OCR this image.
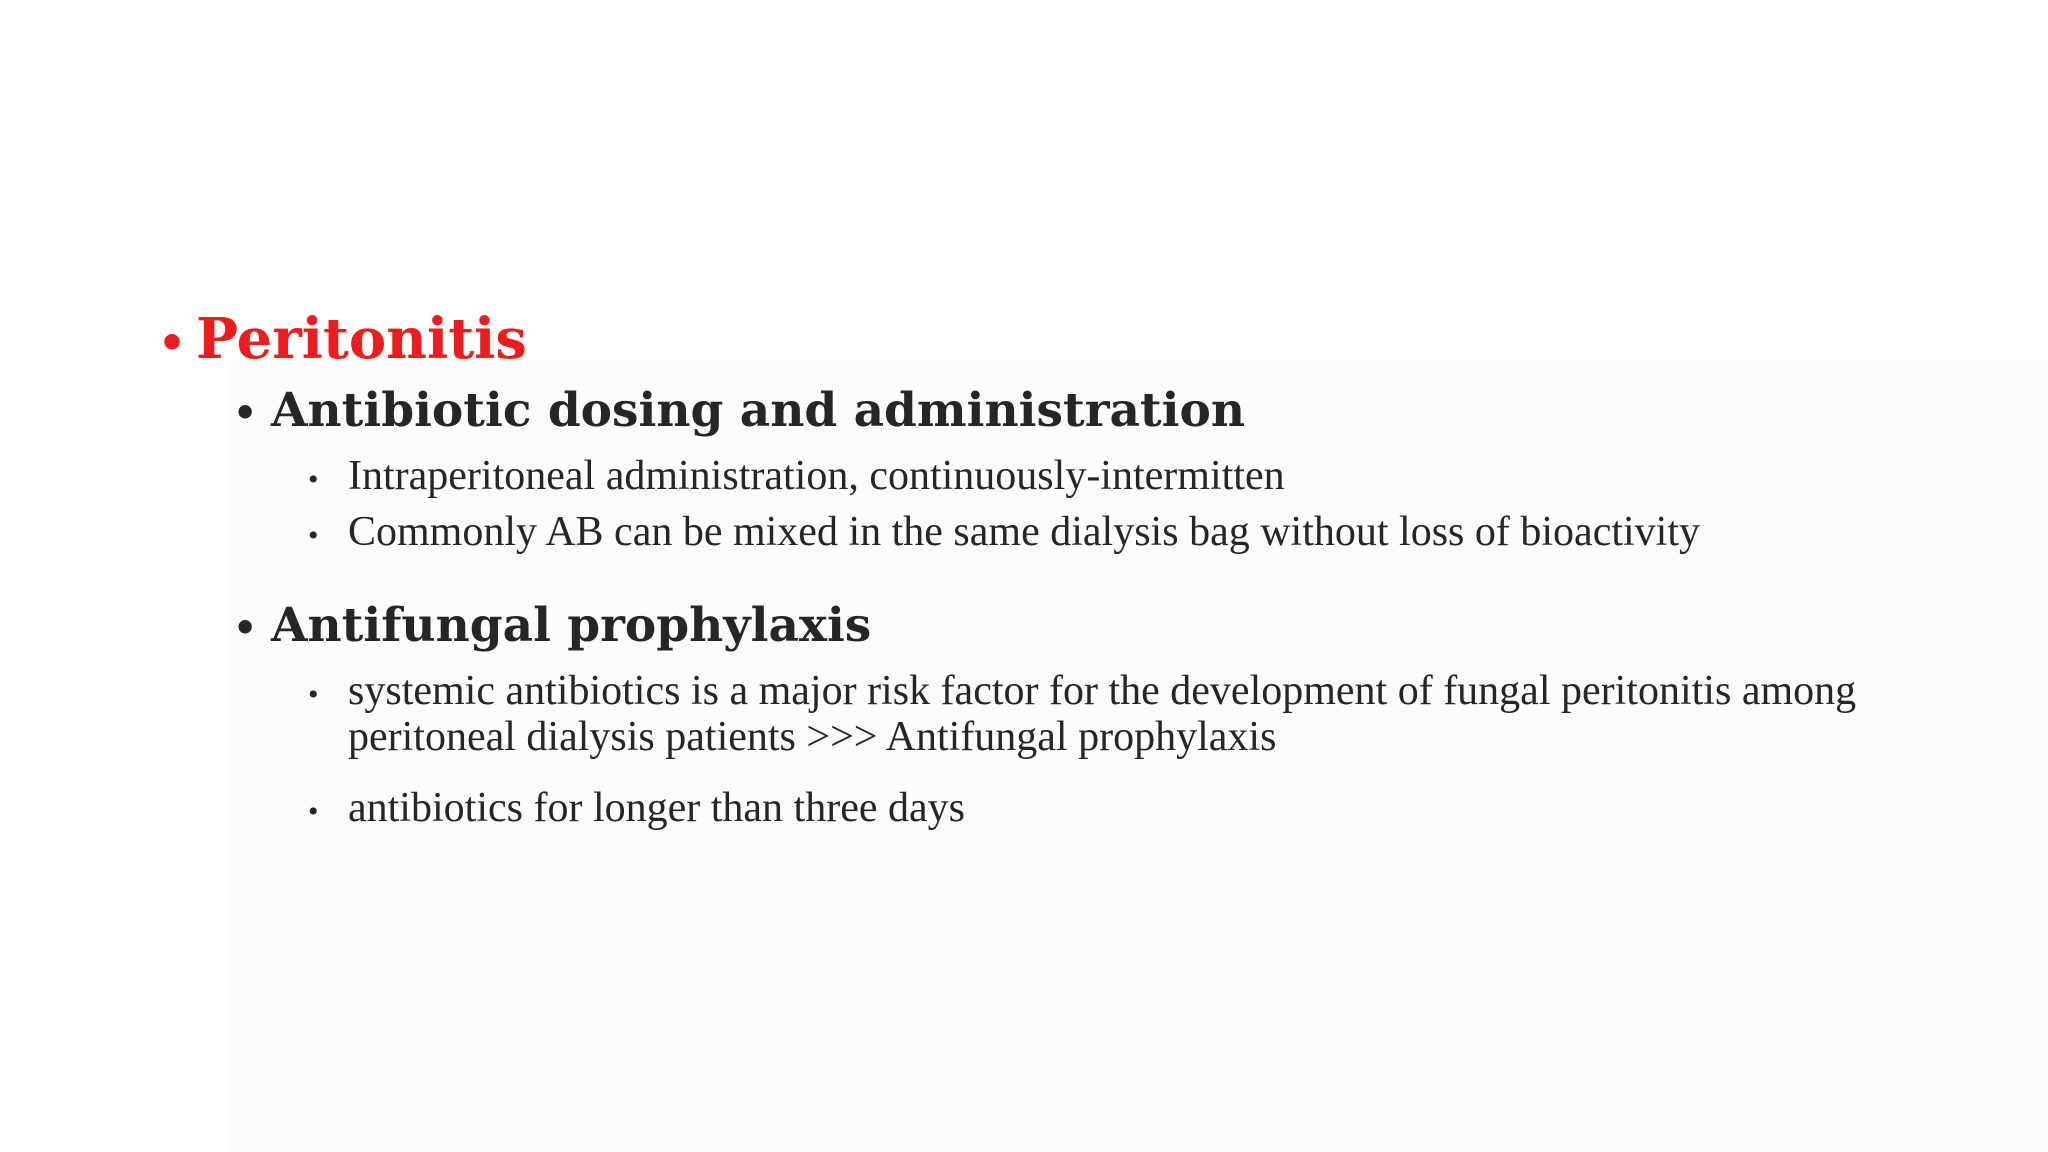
• Peritonitis
• Antibiotic dosing and administration
• Intraperitoneal administration, continuously-intermitten
• Commonly AB can be mixed in the same dialysis bag without loss of bioactivity
• Antifungal prophylaxis
• systemic antibiotics is a major risk factor for the development of fungal peritonitis among peritoneal dialysis patients >>> Antifungal prophylaxis
• antibiotics for longer than three days
